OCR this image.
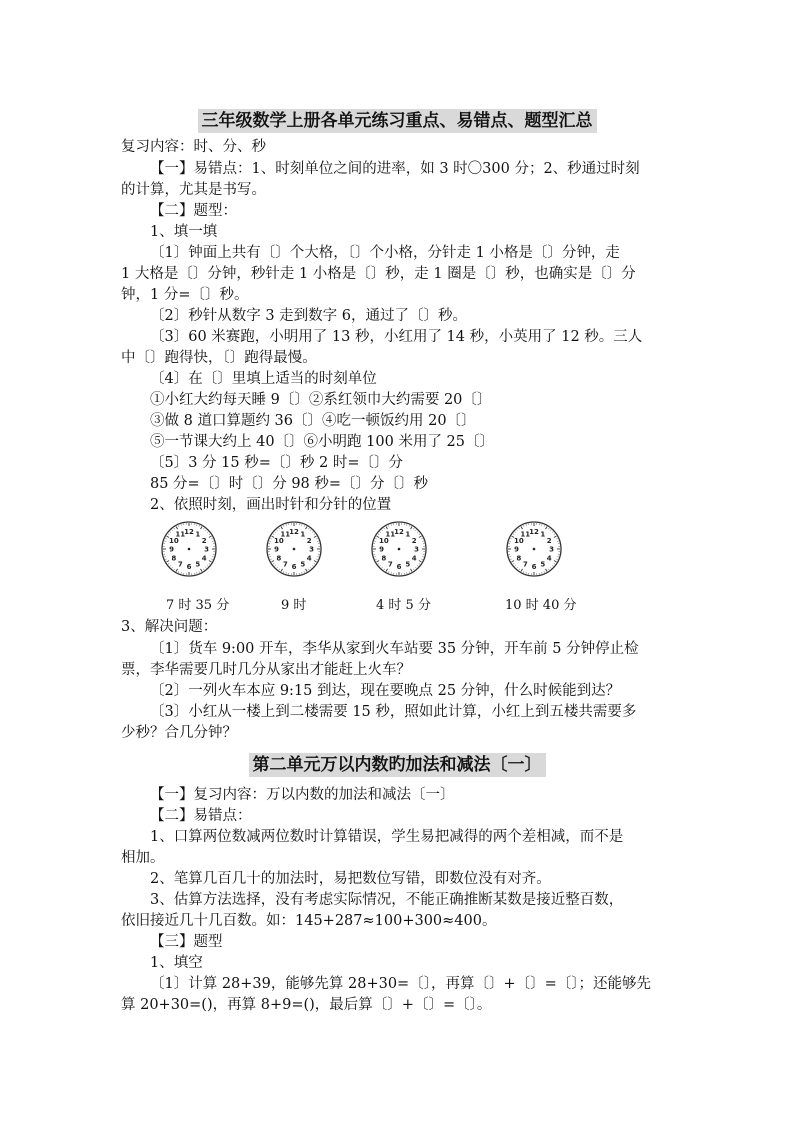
三年级数学上册各单元练习重点、易错点、题型汇总
复习内容：时、分、秒
【一】易错点：1、时刻单位之间的进率，如 3 时〇300 分；2、秒通过时刻
的计算，尤其是书写。
【二】题型：
1、填一填
〔1〕钟面上共有〔〕个大格，〔〕个小格，分针走 1 小格是〔〕分钟，走
1 大格是〔〕分钟，秒针走 1 小格是〔〕秒，走 1 圈是〔〕秒，也确实是〔〕分
钟，1 分=〔〕秒。
〔2〕秒针从数字 3 走到数字 6，通过了〔〕秒。
〔3〕60 米赛跑，小明用了 13 秒，小红用了 14 秒，小英用了 12 秒。三人
中〔〕跑得快，〔〕跑得最慢。
〔4〕在〔〕里填上适当的时刻单位
①小红大约每天睡 9〔〕②系红领巾大约需要 20〔〕
③做 8 道口算题约 36〔〕④吃一顿饭约用 20〔〕
⑤一节课大约上 40〔〕⑥小明跑 100 米用了 25〔〕
〔5〕3 分 15 秒=〔〕秒 2 时=〔〕分
85 分=〔〕时〔〕分 98 秒=〔〕分〔〕秒
2、依照时刻，画出时针和分针的位置
12 1
2
3
4
5
6
7
8
9
10
11	12 1
2
3
4
5
6
7
8
9
10
11	12 1
2
3
4
5
6
7
8
9
10
11	12 1
2
3
4
5
6
7
8
9
10
11
7 时 35 分	9 时	4 时 5 分	10 时 40 分
3、解决问题：
〔1〕货车 9:00 开车，李华从家到火车站要 35 分钟，开车前 5 分钟停止检
票，李华需要几时几分从家出才能赶上火车？
〔2〕一列火车本应 9:15 到达，现在要晚点 25 分钟，什么时候能到达？
〔3〕小红从一楼上到二楼需要 15 秒，照如此计算，小红上到五楼共需要多
少秒？合几分钟？
第二单元万以内数旳加法和减法〔一〕
【一】复习内容：万以内数的加法和减法〔一〕
【二】易错点：
1、口算两位数减两位数时计算错误，学生易把减得的两个差相减，而不是
相加。
2、笔算几百几十的加法时，易把数位写错，即数位没有对齐。
3、估算方法选择，没有考虑实际情况，不能正确推断某数是接近整百数，
依旧接近几十几百数。如：145+287≈100+300≈400。
【三】题型
1、填空
〔1〕计算 28+39，能够先算 28+30=〔〕，再算〔〕+〔〕=〔〕；还能够先
算 20+30=()，再算 8+9=()，最后算〔〕+〔〕=〔〕。
